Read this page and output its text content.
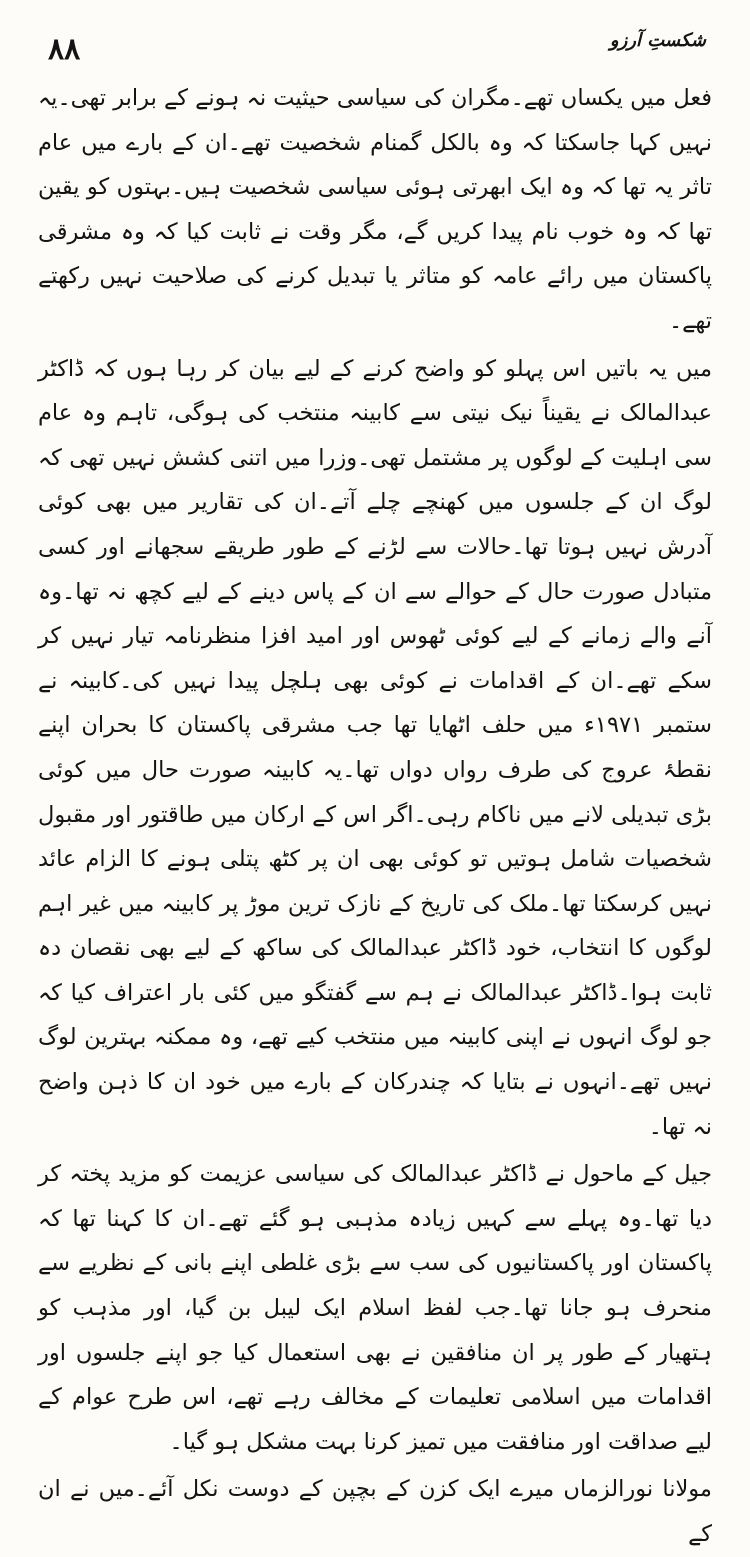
۸۸	شکستِ آرزو

فعل میں یکساں تھے۔مگران کی سیاسی حیثیت نہ ہونے کے برابر تھی۔یہ نہیں کہا جاسکتا کہ وہ بالکل گمنام شخصیت تھے۔ان کے بارے میں عام تاثر یہ تھا کہ وہ ایک ابھرتی ہوئی سیاسی شخصیت ہیں۔بہتوں کو یقین تھا کہ وہ خوب نام پیدا کریں گے، مگر وقت نے ثابت کیا کہ وہ مشرقی پاکستان میں رائے عامہ کو متاثر یا تبدیل کرنے کی صلاحیت نہیں رکھتے تھے۔

میں یہ باتیں اس پہلو کو واضح کرنے کے لیے بیان کر رہا ہوں کہ ڈاکٹر عبدالمالک نے یقیناً نیک نیتی سے کابینہ منتخب کی ہوگی، تاہم وہ عام سی اہلیت کے لوگوں پر مشتمل تھی۔وزرا میں اتنی کشش نہیں تھی کہ لوگ ان کے جلسوں میں کھنچے چلے آتے۔ان کی تقاریر میں بھی کوئی آدرش نہیں ہوتا تھا۔حالات سے لڑنے کے طور طریقے سجھانے اور کسی متبادل صورت حال کے حوالے سے ان کے پاس دینے کے لیے کچھ نہ تھا۔وہ آنے والے زمانے کے لیے کوئی ٹھوس اور امید افزا منظرنامہ تیار نہیں کر سکے تھے۔ان کے اقدامات نے کوئی بھی ہلچل پیدا نہیں کی۔کابینہ نے ستمبر ۱۹۷۱ء میں حلف اٹھایا تھا جب مشرقی پاکستان کا بحران اپنے نقطۂ عروج کی طرف رواں دواں تھا۔یہ کابینہ صورت حال میں کوئی بڑی تبدیلی لانے میں ناکام رہی۔اگر اس کے ارکان میں طاقتور اور مقبول شخصیات شامل ہوتیں تو کوئی بھی ان پر کٹھ پتلی ہونے کا الزام عائد نہیں کرسکتا تھا۔ملک کی تاریخ کے نازک ترین موڑ پر کابینہ میں غیر اہم لوگوں کا انتخاب، خود ڈاکٹر عبدالمالک کی ساکھ کے لیے بھی نقصان دہ ثابت ہوا۔ڈاکٹر عبدالمالک نے ہم سے گفتگو میں کئی بار اعتراف کیا کہ جو لوگ انہوں نے اپنی کابینہ میں منتخب کیے تھے، وہ ممکنہ بہترین لوگ نہیں تھے۔انہوں نے بتایا کہ چندرکان کے بارے میں خود ان کا ذہن واضح نہ تھا۔

جیل کے ماحول نے ڈاکٹر عبدالمالک کی سیاسی عزیمت کو مزید پختہ کر دیا تھا۔وہ پہلے سے کہیں زیادہ مذہبی ہو گئے تھے۔ان کا کہنا تھا کہ پاکستان اور پاکستانیوں کی سب سے بڑی غلطی اپنے بانی کے نظریے سے منحرف ہو جانا تھا۔جب لفظ اسلام ایک لیبل بن گیا، اور مذہب کو ہتھیار کے طور پر ان منافقین نے بھی استعمال کیا جو اپنے جلسوں اور اقدامات میں اسلامی تعلیمات کے مخالف رہے تھے، اس طرح عوام کے لیے صداقت اور منافقت میں تمیز کرنا بہت مشکل ہو گیا۔

مولانا نورالزماں میرے ایک کزن کے بچپن کے دوست نکل آئے۔میں نے ان کے
